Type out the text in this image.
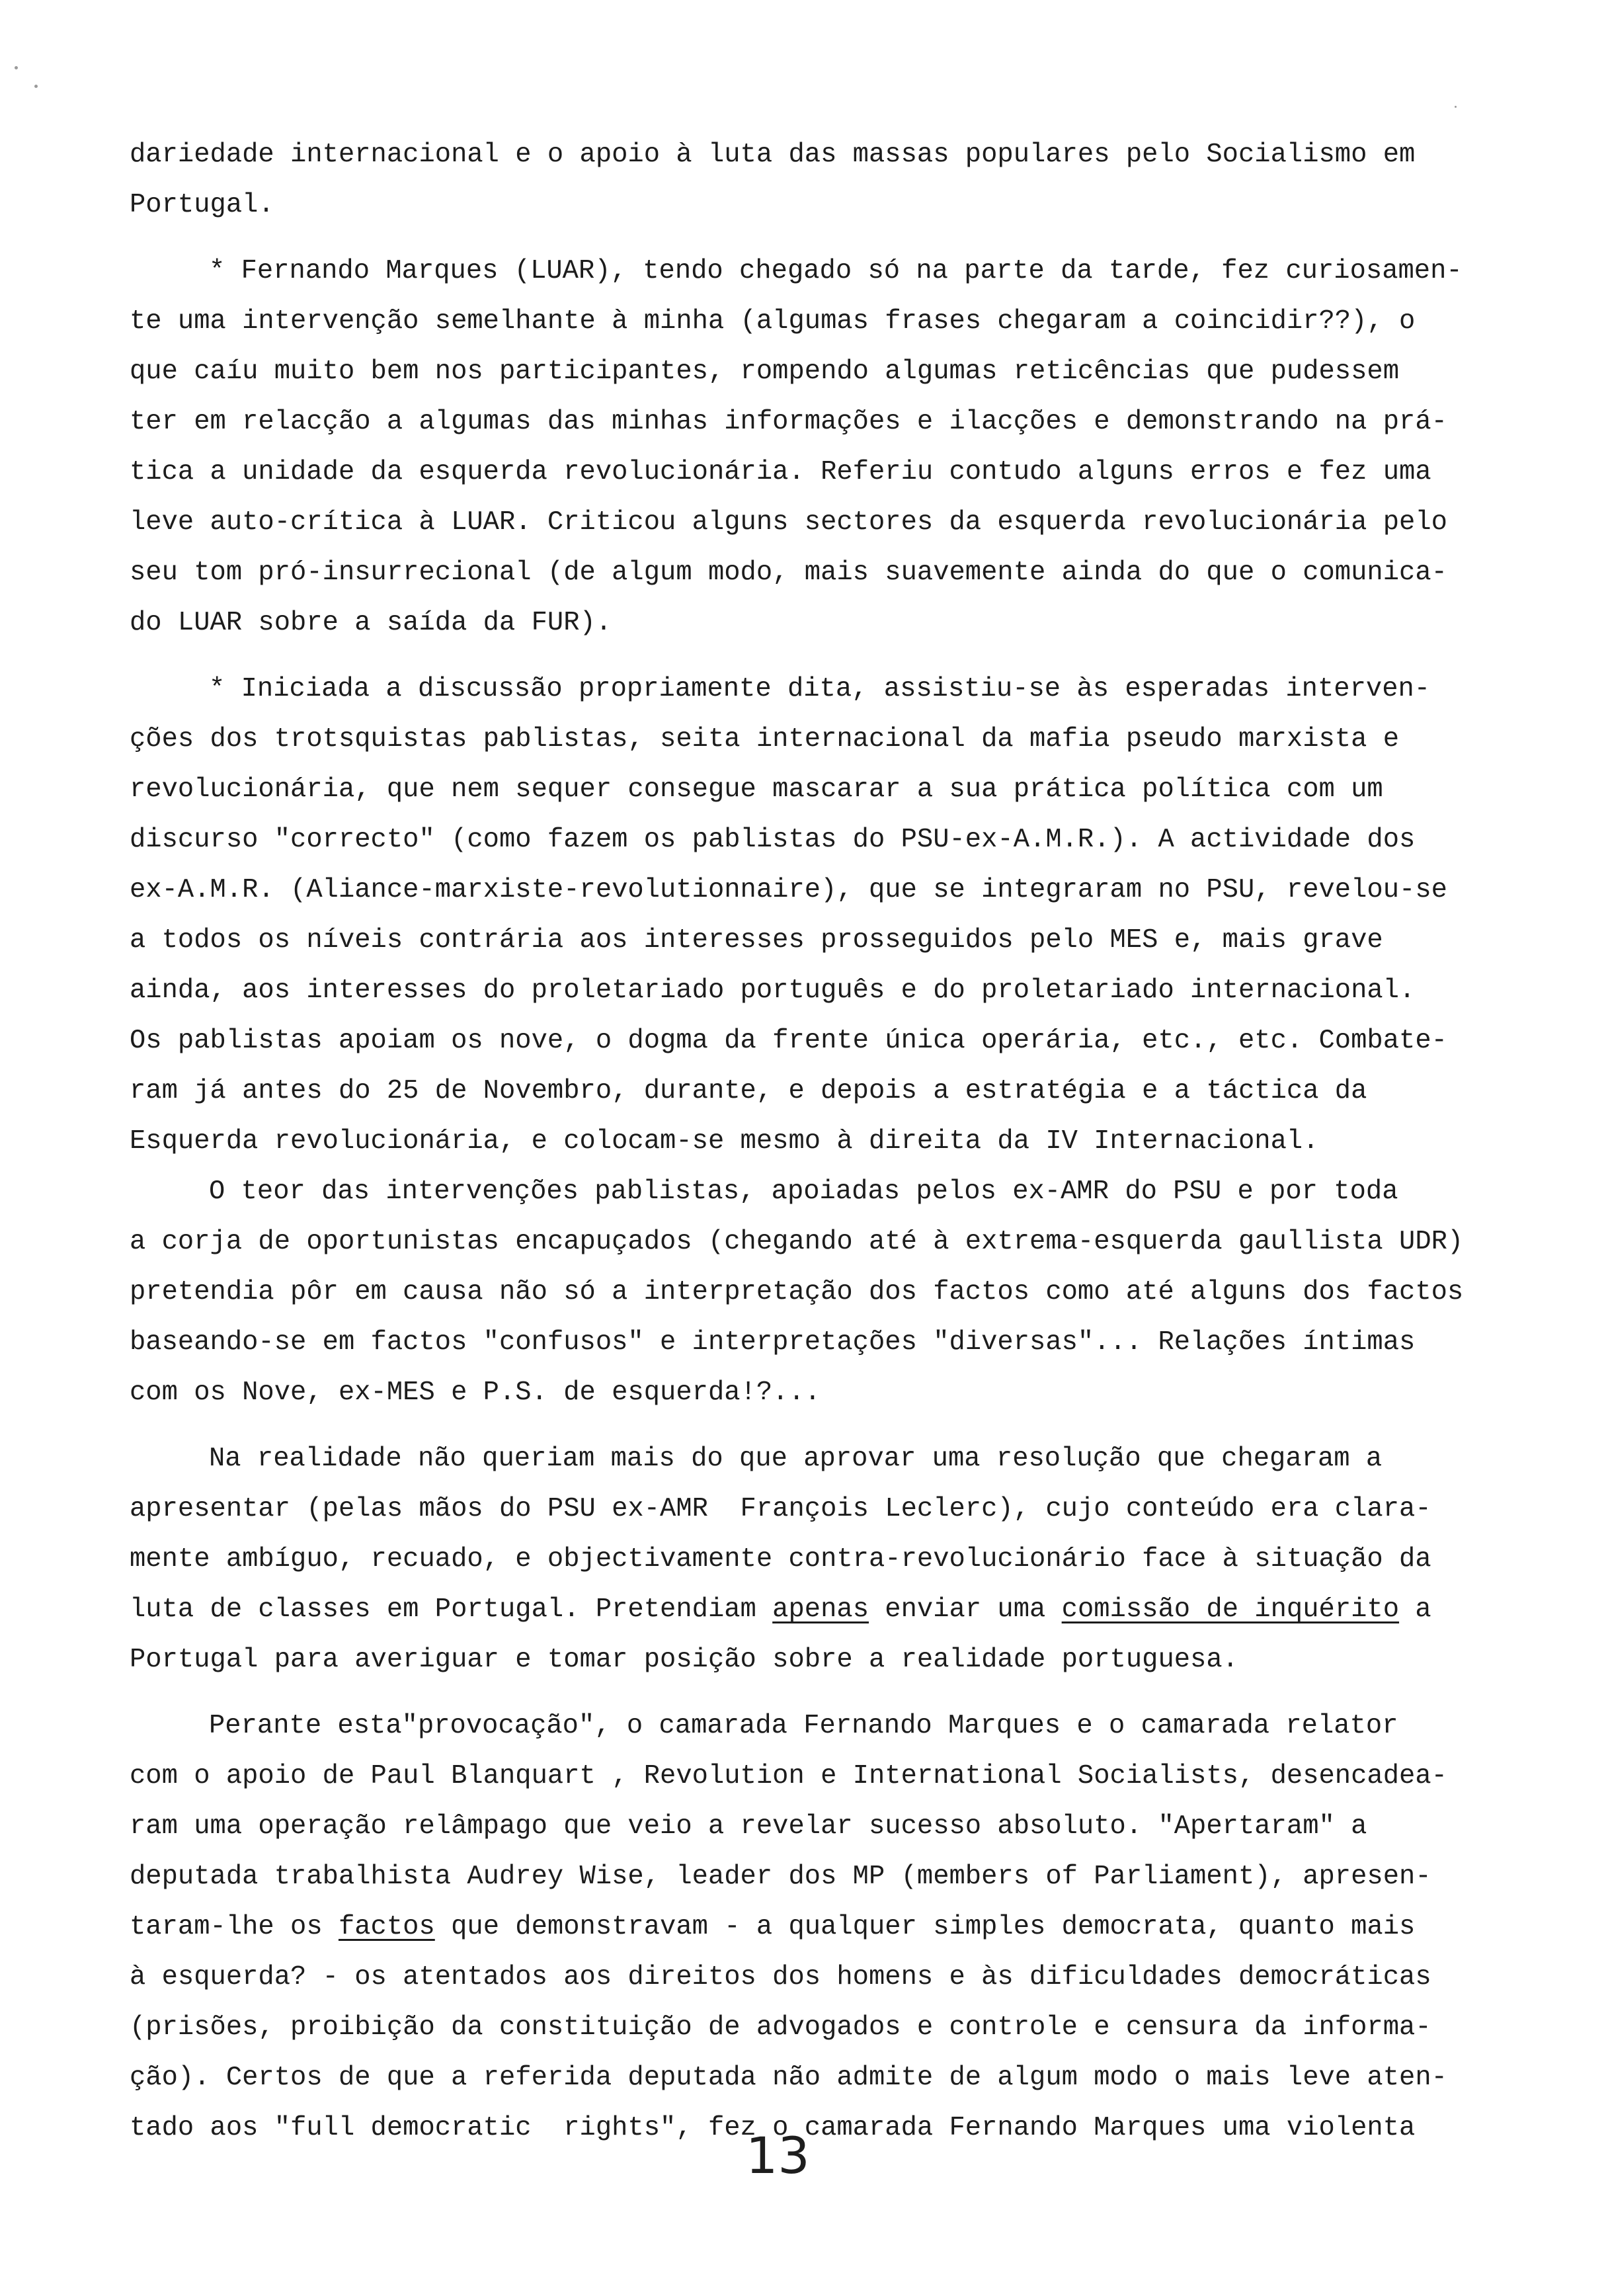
dariedade internacional e o apoio à luta das massas populares pelo Socialismo em
Portugal.
* Fernando Marques (LUAR), tendo chegado só na parte da tarde, fez curiosamen-
te uma intervenção semelhante à minha (algumas frases chegaram a coincidir??), o
que caíu muito bem nos participantes, rompendo algumas reticências que pudessem
ter em relacção a algumas das minhas informações e ilacções e demonstrando na prá-
tica a unidade da esquerda revolucionária. Referiu contudo alguns erros e fez uma
leve auto-crítica à LUAR. Criticou alguns sectores da esquerda revolucionária pelo
seu tom pró-insurrecional (de algum modo, mais suavemente ainda do que o comunica-
do LUAR sobre a saída da FUR).
* Iniciada a discussão propriamente dita, assistiu-se às esperadas interven-
ções dos trotsquistas pablistas, seita internacional da mafia pseudo marxista e
revolucionária, que nem sequer consegue mascarar a sua prática política com um
discurso "correcto" (como fazem os pablistas do PSU-ex-A.M.R.). A actividade dos
ex-A.M.R. (Aliance-marxiste-revolutionnaire), que se integraram no PSU, revelou-se
a todos os níveis contrária aos interesses prosseguidos pelo MES e, mais grave
ainda, aos interesses do proletariado português e do proletariado internacional.
Os pablistas apoiam os nove, o dogma da frente única operária, etc., etc. Combate-
ram já antes do 25 de Novembro, durante, e depois a estratégia e a táctica da
Esquerda revolucionária, e colocam-se mesmo à direita da IV Internacional.
O teor das intervenções pablistas, apoiadas pelos ex-AMR do PSU e por toda
a corja de oportunistas encapuçados (chegando até à extrema-esquerda gaullista UDR)
pretendia pôr em causa não só a interpretação dos factos como até alguns dos factos
baseando-se em factos "confusos" e interpretações "diversas"... Relações íntimas
com os Nove, ex-MES e P.S. de esquerda!?...
Na realidade não queriam mais do que aprovar uma resolução que chegaram a
apresentar (pelas mãos do PSU ex-AMR  François Leclerc), cujo conteúdo era clara-
mente ambíguo, recuado, e objectivamente contra-revolucionário face à situação da
luta de classes em Portugal. Pretendiam apenas enviar uma comissão de inquérito a
Portugal para averiguar e tomar posição sobre a realidade portuguesa.
Perante esta"provocação", o camarada Fernando Marques e o camarada relator
com o apoio de Paul Blanquart , Revolution e International Socialists, desencadea-
ram uma operação relâmpago que veio a revelar sucesso absoluto. "Apertaram" a
deputada trabalhista Audrey Wise, leader dos MP (members of Parliament), apresen-
taram-lhe os factos que demonstravam - a qualquer simples democrata, quanto mais
à esquerda? - os atentados aos direitos dos homens e às dificuldades democráticas
(prisões, proibição da constituição de advogados e controle e censura da informa-
ção). Certos de que a referida deputada não admite de algum modo o mais leve aten-
tado aos "full democratic  rights", fez o camarada Fernando Marques uma violenta
13
